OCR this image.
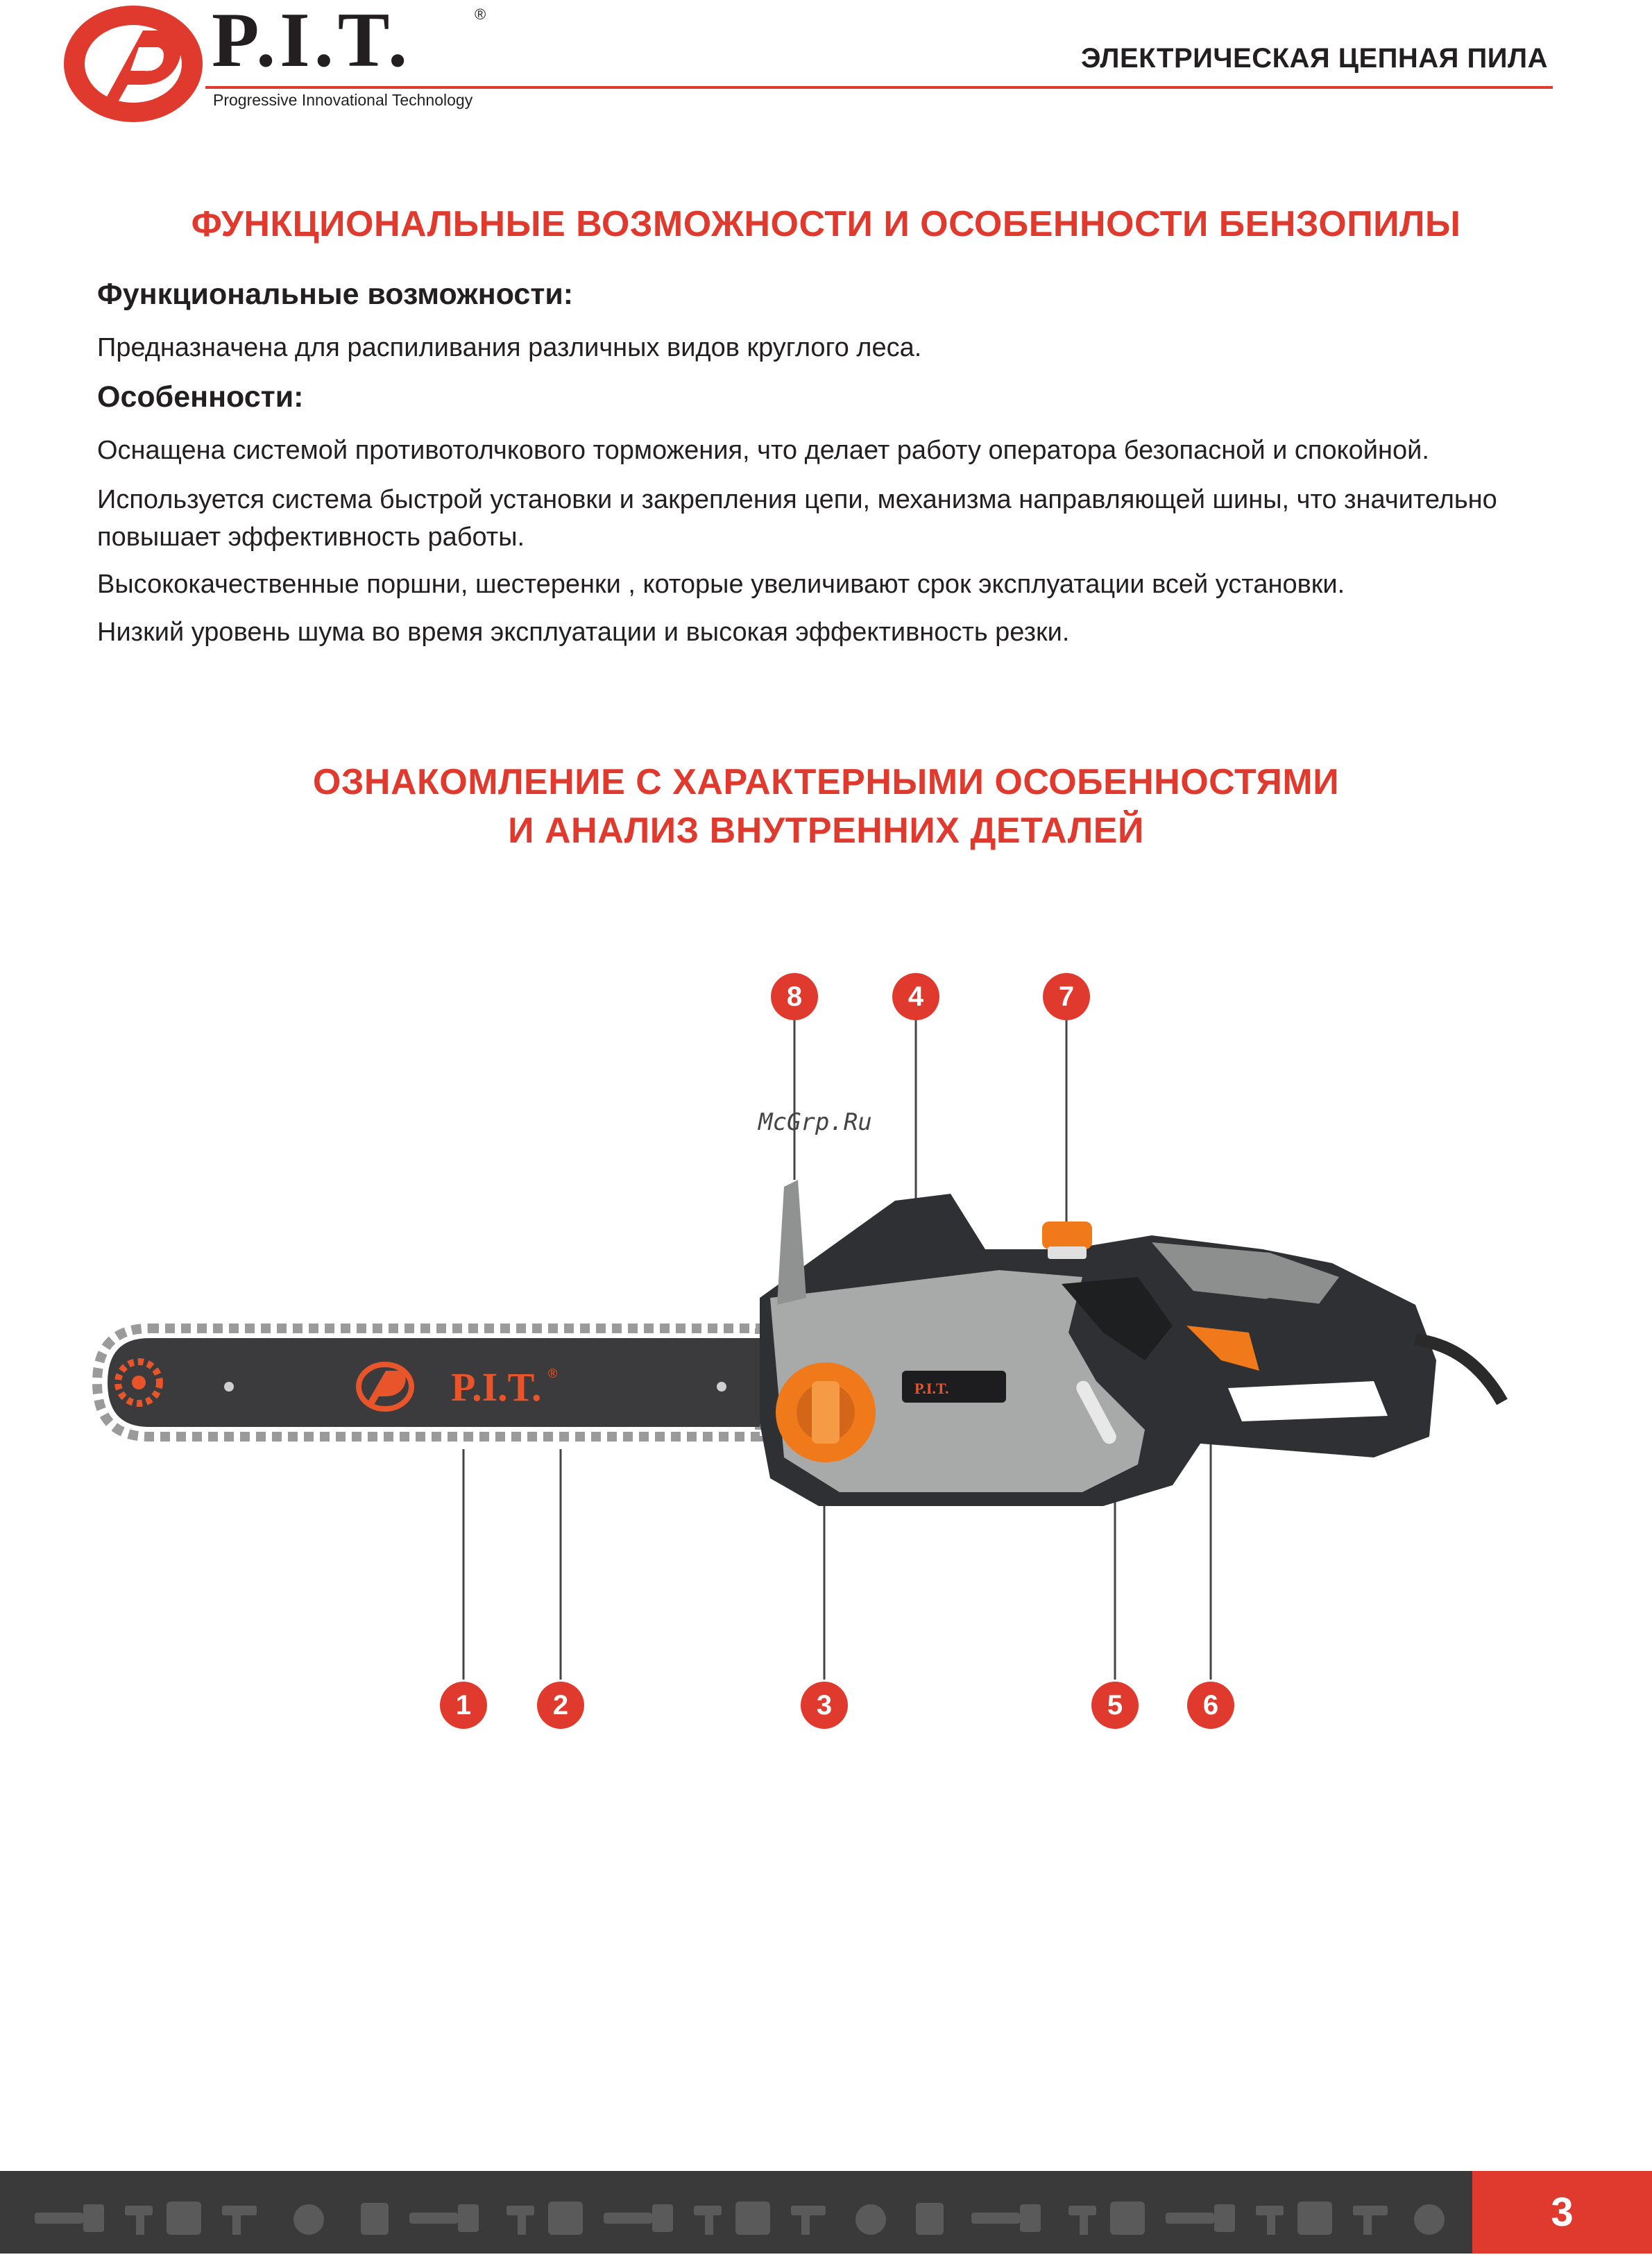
P.I.T.	®
Progressive Innovational Technology
ЭЛЕКТРИЧЕСКАЯ ЦЕПНАЯ ПИЛА
ФУНКЦИОНАЛЬНЫЕ ВОЗМОЖНОСТИ И ОСОБЕННОСТИ БЕНЗОПИЛЫ
Функциональные возможности:
Предназначена для распиливания различных видов круглого леса.
Особенности:
Оснащена системой противотолчкового торможения, что делает работу оператора безопасной и спокойной.
Используется система быстрой установки и закрепления цепи, механизма направляющей шины, что значительно повышает эффективность работы.
Высококачественные поршни, шестеренки , которые увеличивают срок эксплуатации всей установки.
Низкий уровень шума во время эксплуатации и высокая эффективность резки.
ОЗНАКОМЛЕНИЕ С ХАРАКТЕРНЫМИ ОСОБЕННОСТЯМИ
И АНАЛИЗ ВНУТРЕННИХ ДЕТАЛЕЙ
P.I.T. ®
P.I.T.
8	4	7
1	2	3	5	6
McGrp.Ru
3
